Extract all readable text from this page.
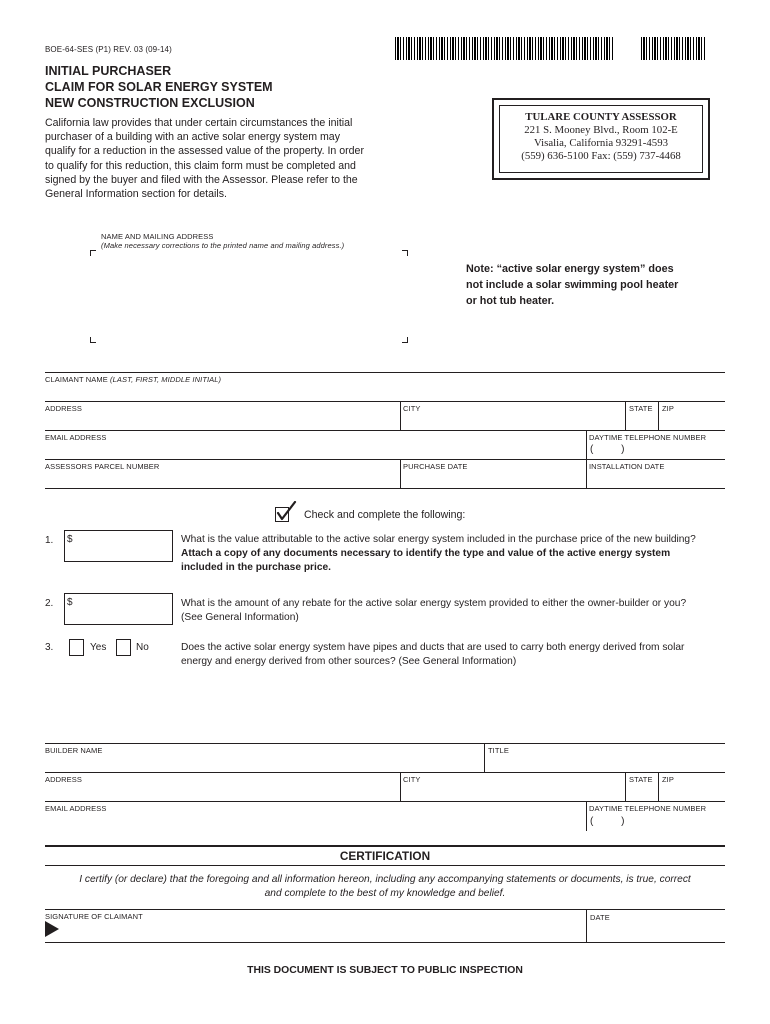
BOE-64-SES (P1) REV. 03 (09-14)
INITIAL PURCHASER
CLAIM FOR SOLAR ENERGY SYSTEM
NEW CONSTRUCTION EXCLUSION
California law provides that under certain circumstances the initial
purchaser of a building with an active solar energy system may
qualify for a reduction in the assessed value of the property. In order
to qualify for this reduction, this claim form must be completed and
signed by the buyer and filed with the Assessor. Please refer to the
General Information section for details.
TULARE COUNTY ASSESSOR
221 S. Mooney Blvd., Room 102-E
Visalia, California 93291-4593
(559) 636-5100 Fax: (559) 737-4468
NAME AND MAILING ADDRESS
(Make necessary corrections to the printed name and mailing address.)
Note: “active solar energy system” does
not include a solar swimming pool heater
or hot tub heater.
CLAIMANT NAME (LAST, FIRST, MIDDLE INITIAL)
ADDRESS	CITY	STATE ZIP
EMAIL ADDRESS	DAYTIME TELEPHONE NUMBER
(          )
ASSESSORS PARCEL NUMBER	PURCHASE DATE	INSTALLATION DATE
Check and complete the following:
1. $	What is the value attributable to the active solar energy system included in the purchase price of the new building?
Attach a copy of any documents necessary to identify the type and value of the active energy system
included in the purchase price.
2. $	What is the amount of any rebate for the active solar energy system provided to either the owner-builder or you?
(See General Information)
3.	Yes	No	Does the active solar energy system have pipes and ducts that are used to carry both energy derived from solar
energy and energy derived from other sources? (See General Information)
BUILDER NAME	TITLE
ADDRESS	CITY	STATE ZIP
EMAIL ADDRESS	DAYTIME TELEPHONE NUMBER
(          )
CERTIFICATION
I certify (or declare) that the foregoing and all information hereon, including any accompanying statements or documents, is true, correct
and complete to the best of my knowledge and belief.
SIGNATURE OF CLAIMANT	DATE
THIS DOCUMENT IS SUBJECT TO PUBLIC INSPECTION
